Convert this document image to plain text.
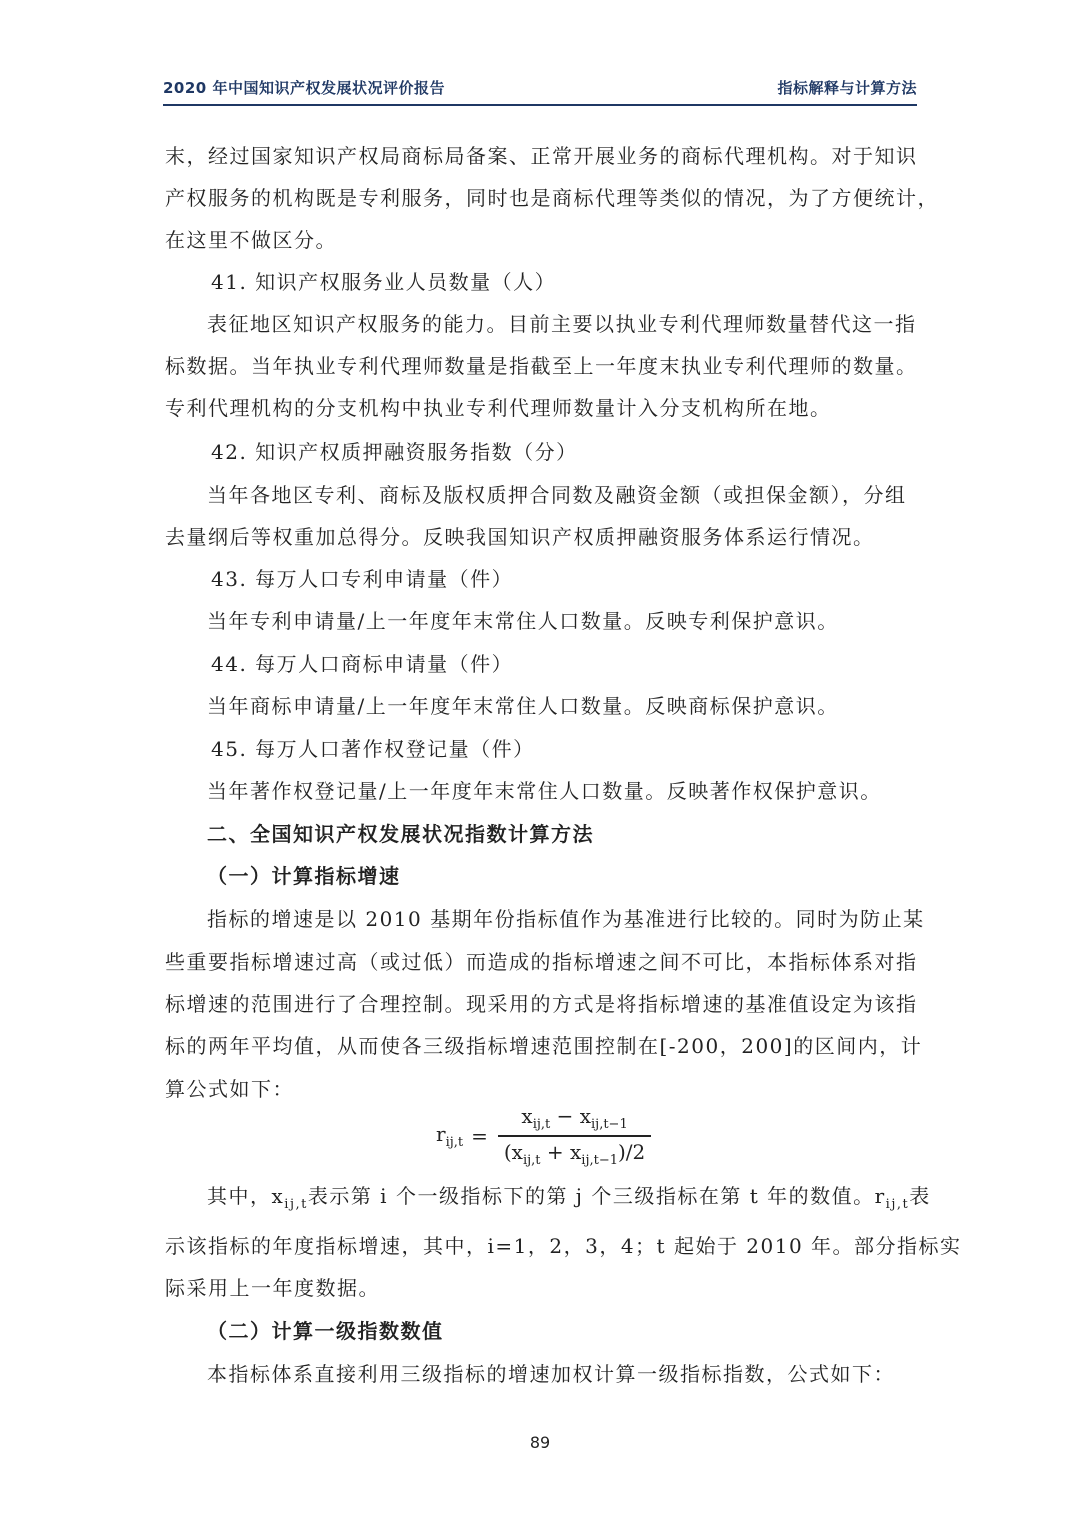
2020 年中国知识产权发展状况评价报告	指标解释与计算方法
末，经过国家知识产权局商标局备案、正常开展业务的商标代理机构。对于知识
产权服务的机构既是专利服务，同时也是商标代理等类似的情况，为了方便统计，
在这里不做区分。
41. 知识产权服务业人员数量（人）
表征地区知识产权服务的能力。目前主要以执业专利代理师数量替代这一指
标数据。当年执业专利代理师数量是指截至上一年度末执业专利代理师的数量。
专利代理机构的分支机构中执业专利代理师数量计入分支机构所在地。
42. 知识产权质押融资服务指数（分）
当年各地区专利、商标及版权质押合同数及融资金额（或担保金额），分组
去量纲后等权重加总得分。反映我国知识产权质押融资服务体系运行情况。
43. 每万人口专利申请量（件）
当年专利申请量/上一年度年末常住人口数量。反映专利保护意识。
44. 每万人口商标申请量（件）
当年商标申请量/上一年度年末常住人口数量。反映商标保护意识。
45. 每万人口著作权登记量（件）
当年著作权登记量/上一年度年末常住人口数量。反映著作权保护意识。
二、全国知识产权发展状况指数计算方法
（一）计算指标增速
指标的增速是以 2010 基期年份指标值作为基准进行比较的。同时为防止某
些重要指标增速过高（或过低）而造成的指标增速之间不可比，本指标体系对指
标增速的范围进行了合理控制。现采用的方式是将指标增速的基准值设定为该指
标的两年平均值，从而使各三级指标增速范围控制在[-200，200]的区间内，计
算公式如下：
$r_{ij,t} = \frac{x_{ij,t} - x_{ij,t-1}}{(x_{ij,t} + x_{ij,t-1})/2}$
其中，$x_{ij,t}$表示第 i 个一级指标下的第 j 个三级指标在第 t 年的数值。$r_{ij,t}$表
示该指标的年度指标增速，其中，i=1，2，3，4；t 起始于 2010 年。部分指标实
际采用上一年度数据。
（二）计算一级指数数值
本指标体系直接利用三级指标的增速加权计算一级指标指数，公式如下：
89
